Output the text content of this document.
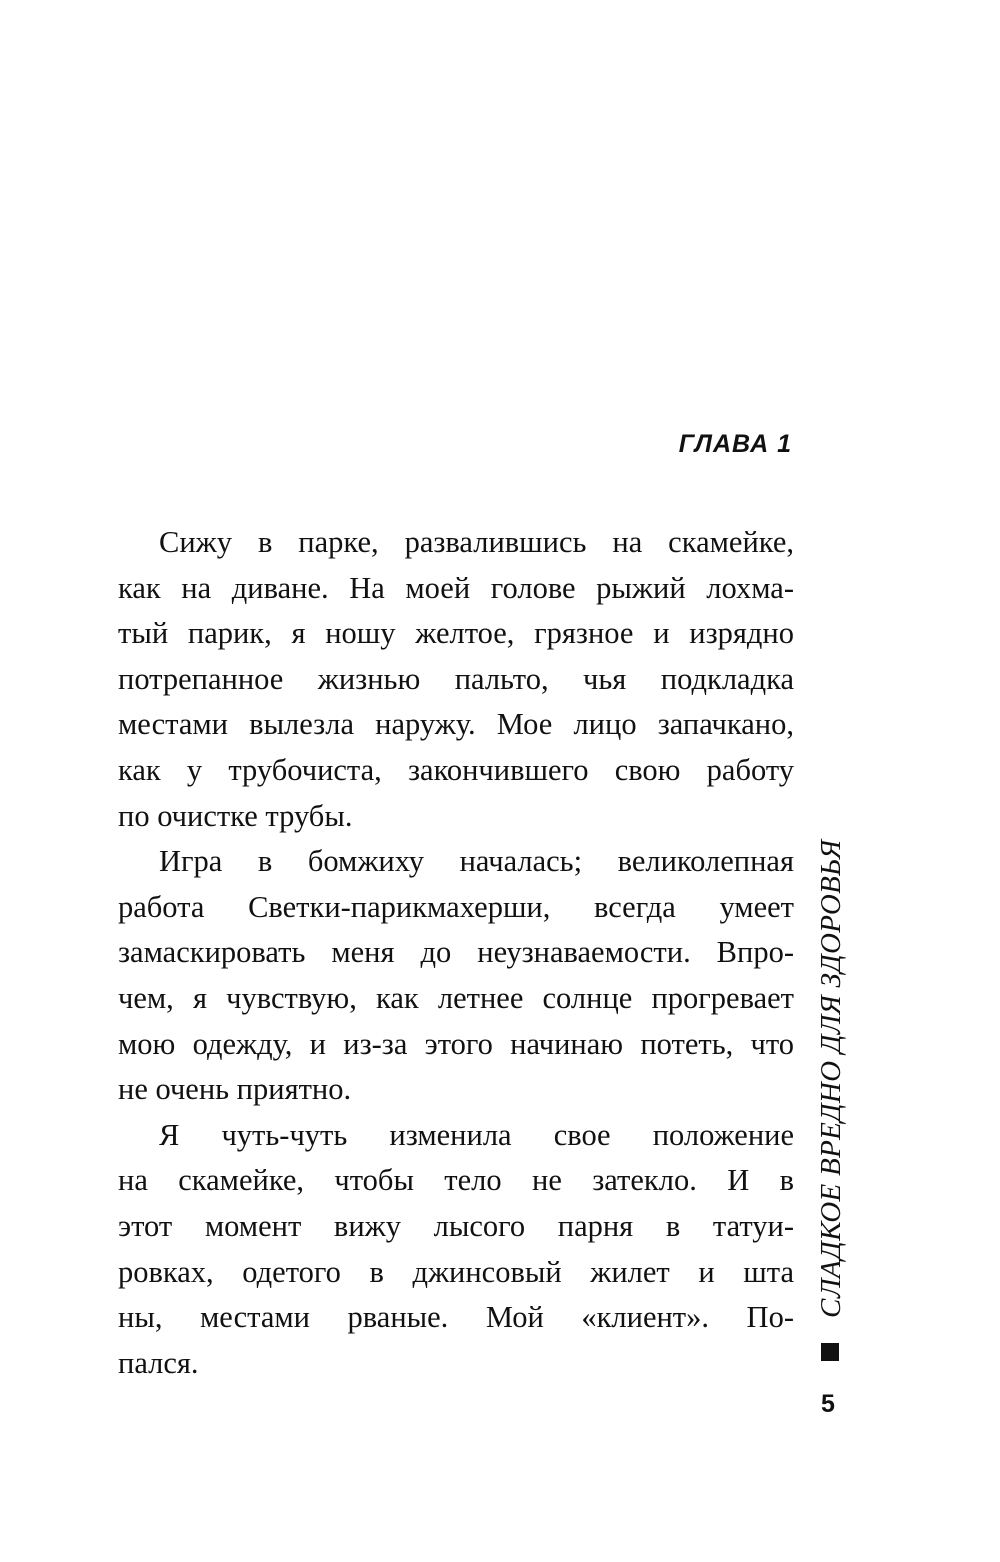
ГЛАВА 1

Сижу в парке, развалившись на скамейке,
как на диване. На моей голове рыжий лохма-
тый парик, я ношу желтое, грязное и изрядно
потрепанное жизнью пальто, чья подкладка
местами вылезла наружу. Мое лицо запачкано,
как у трубочиста, закончившего свою работу
по очистке трубы.

Игра в бомжиху началась; великолепная
работа Светки-парикмахерши, всегда умеет
замаскировать меня до неузнаваемости. Впро-
чем, я чувствую, как летнее солнце прогревает
мою одежду, и из-за этого начинаю потеть, что
не очень приятно.

Я чуть-чуть изменила свое положение
на скамейке, чтобы тело не затекло. И в
этот момент вижу лысого парня в татуи-
ровках, одетого в джинсовый жилет и шта
ны, местами рваные. Мой «клиент». По-
пался.

СЛАДКОЕ ВРЕДНО ДЛЯ ЗДОРОВЬЯ
5
